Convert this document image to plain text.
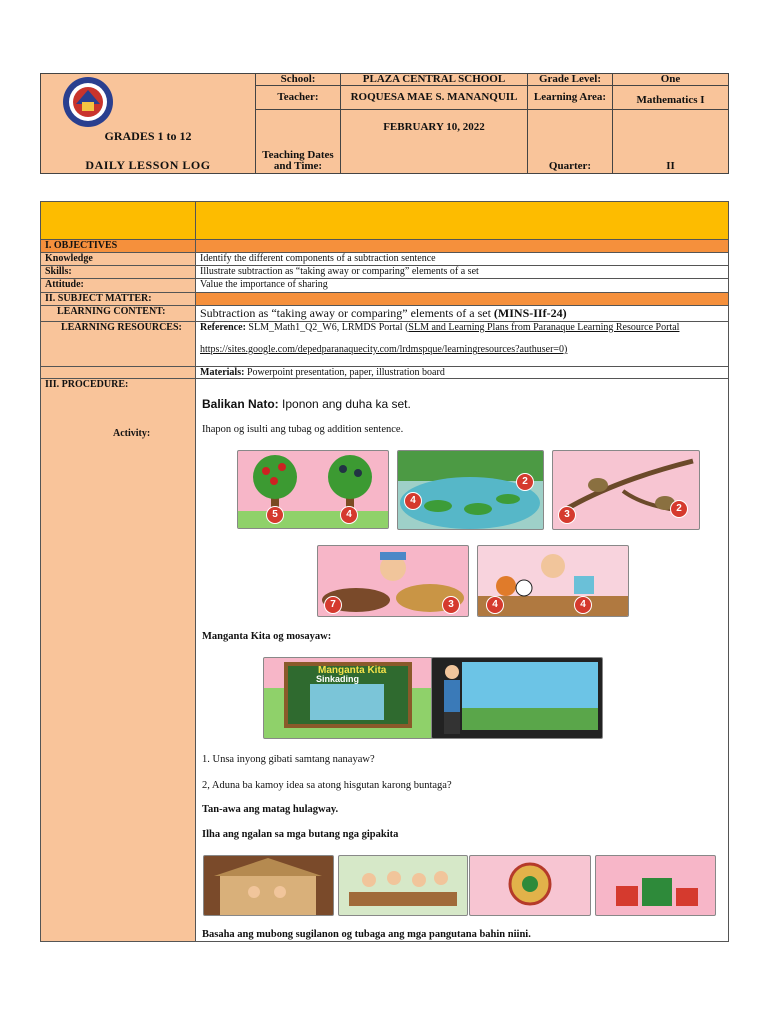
GRADES 1 to 12
DAILY LESSON LOG	School:	PLAZA CENTRAL SCHOOL	Grade Level:	One
	Teacher:	ROQUESA MAE S. MANANQUIL	Learning Area:	Mathematics I
	Teaching Dates and Time:	FEBRUARY 10, 2022	Quarter:	II

I. OBJECTIVES	
Knowledge	Identify the different components of a subtraction sentence
Skills:	Illustrate subtraction as “taking away or comparing” elements of a set
Attitude:	Value the importance of sharing
II. SUBJECT MATTER:	
LEARNING CONTENT:	Subtraction as “taking away or comparing” elements of a set (MINS-IIf-24)
LEARNING RESOURCES:	Reference: SLM_Math1_Q2_W6, LRMDS Portal (SLM and Learning Plans from Paranaque Learning Resource Portal

https://sites.google.com/depedparanaquecity.com/lrdmspque/learningresources?authuser=0)
	Materials: Powerpoint presentation, paper, illustration board

III. PROCEDURE:
Activity:	

Balikan Nato: Iponon ang duha ka set.
Ihapon og isulti ang tubag og addition sentence.
5	4
4
2
3
2
7	3	4	4
Manganta Kita og mosayaw:
Manganta Kita
Sinkading
1. Unsa inyong gibati samtang nanayaw?
2, Aduna ba kamoy idea sa atong hisgutan karong buntaga?
Tan-awa ang matag hulagway.
Ilha ang ngalan sa mga butang nga gipakita
Basaha ang mubong sugilanon og tubaga ang mga pangutana bahin niini.
